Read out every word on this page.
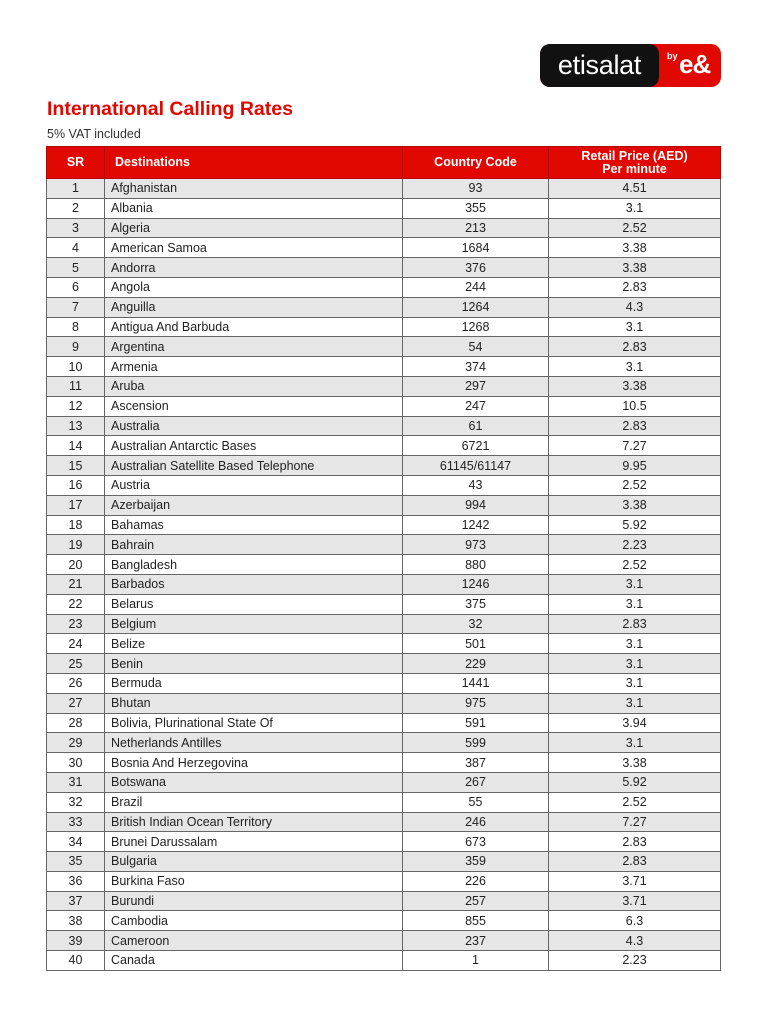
etisalat	by e&
International Calling Rates
5% VAT included
SR	Destinations	Country Code	Retail Price (AED)
Per minute
1	Afghanistan	93	4.51
2	Albania	355	3.1
3	Algeria	213	2.52
4	American Samoa	1684	3.38
5	Andorra	376	3.38
6	Angola	244	2.83
7	Anguilla	1264	4.3
8	Antigua And Barbuda	1268	3.1
9	Argentina	54	2.83
10	Armenia	374	3.1
11	Aruba	297	3.38
12	Ascension	247	10.5
13	Australia	61	2.83
14	Australian Antarctic Bases	6721	7.27
15	Australian Satellite Based Telephone	61145/61147	9.95
16	Austria	43	2.52
17	Azerbaijan	994	3.38
18	Bahamas	1242	5.92
19	Bahrain	973	2.23
20	Bangladesh	880	2.52
21	Barbados	1246	3.1
22	Belarus	375	3.1
23	Belgium	32	2.83
24	Belize	501	3.1
25	Benin	229	3.1
26	Bermuda	1441	3.1
27	Bhutan	975	3.1
28	Bolivia, Plurinational State Of	591	3.94
29	Netherlands Antilles	599	3.1
30	Bosnia And Herzegovina	387	3.38
31	Botswana	267	5.92
32	Brazil	55	2.52
33	British Indian Ocean Territory	246	7.27
34	Brunei Darussalam	673	2.83
35	Bulgaria	359	2.83
36	Burkina Faso	226	3.71
37	Burundi	257	3.71
38	Cambodia	855	6.3
39	Cameroon	237	4.3
40	Canada	1	2.23
